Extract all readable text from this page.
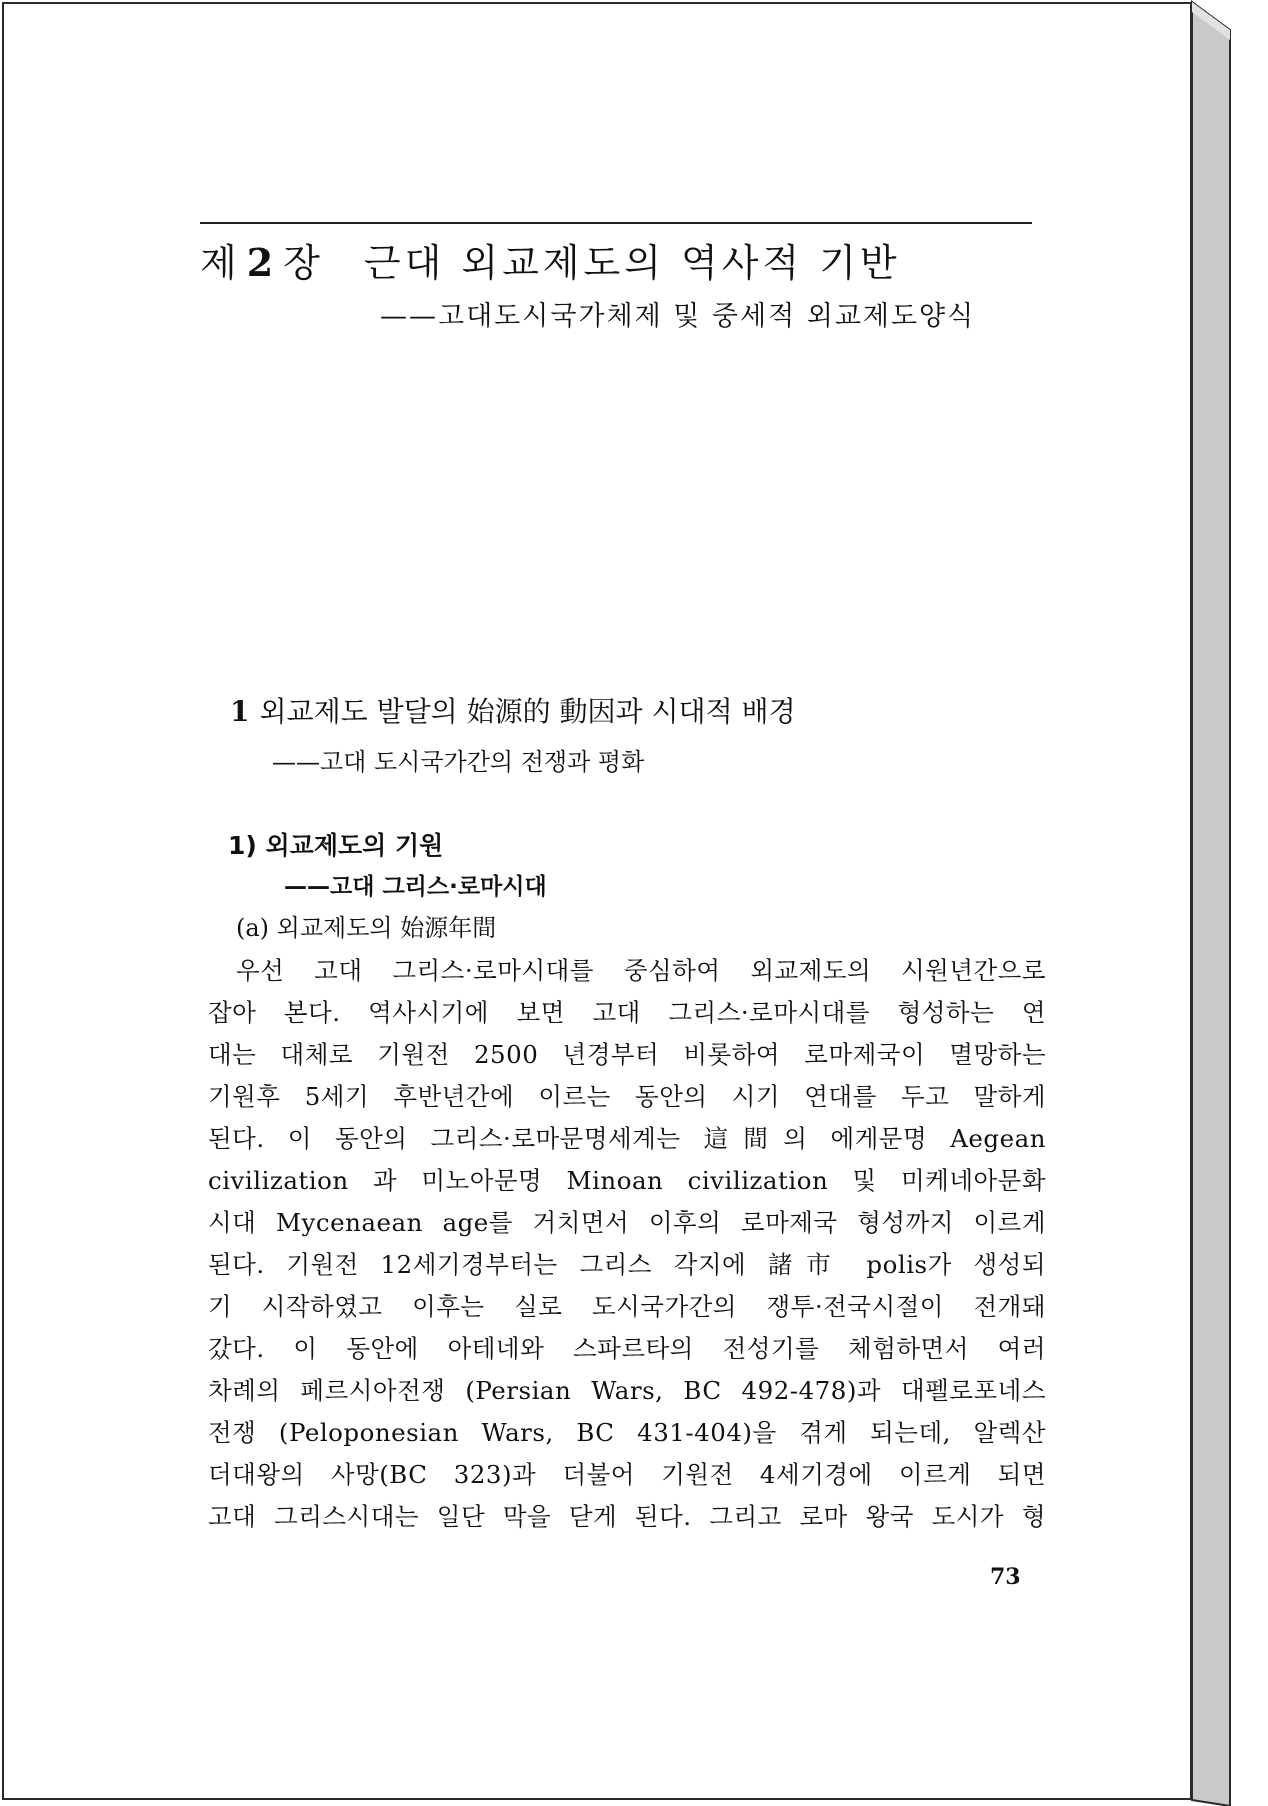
제 2 장 근대 외교제도의 역사적 기반
——고대도시국가체제 및 중세적 외교제도양식
1 외교제도 발달의 始源的 動因과 시대적 배경
——고대 도시국가간의 전쟁과 평화
1) 외교제도의 기원
——고대 그리스·로마시대
(a) 외교제도의 始源年間
우선 고대 그리스·로마시대를 중심하여 외교제도의 시원년간으로
잡아 본다. 역사시기에 보면 고대 그리스·로마시대를 형성하는 연
대는 대체로 기원전 2500 년경부터 비롯하여 로마제국이 멸망하는
기원후 5세기 후반년간에 이르는 동안의 시기 연대를 두고 말하게
된다. 이 동안의 그리스·로마문명세계는 這間의 에게문명 Aegean
civilization 과 미노아문명 Minoan civilization 및 미케네아문화
시대 Mycenaean age를 거치면서 이후의 로마제국 형성까지 이르게
된다. 기원전 12세기경부터는 그리스 각지에 諸市 polis가 생성되
기 시작하였고 이후는 실로 도시국가간의 쟁투·전국시절이 전개돼
갔다. 이 동안에 아테네와 스파르타의 전성기를 체험하면서 여러
차례의 페르시아전쟁 (Persian Wars, BC 492-478)과 대펠로포네스
전쟁 (Peloponesian Wars, BC 431-404)을 겪게 되는데, 알렉산
더대왕의 사망(BC 323)과 더불어 기원전 4세기경에 이르게 되면
고대 그리스시대는 일단 막을 닫게 된다. 그리고 로마 왕국 도시가 형
73
